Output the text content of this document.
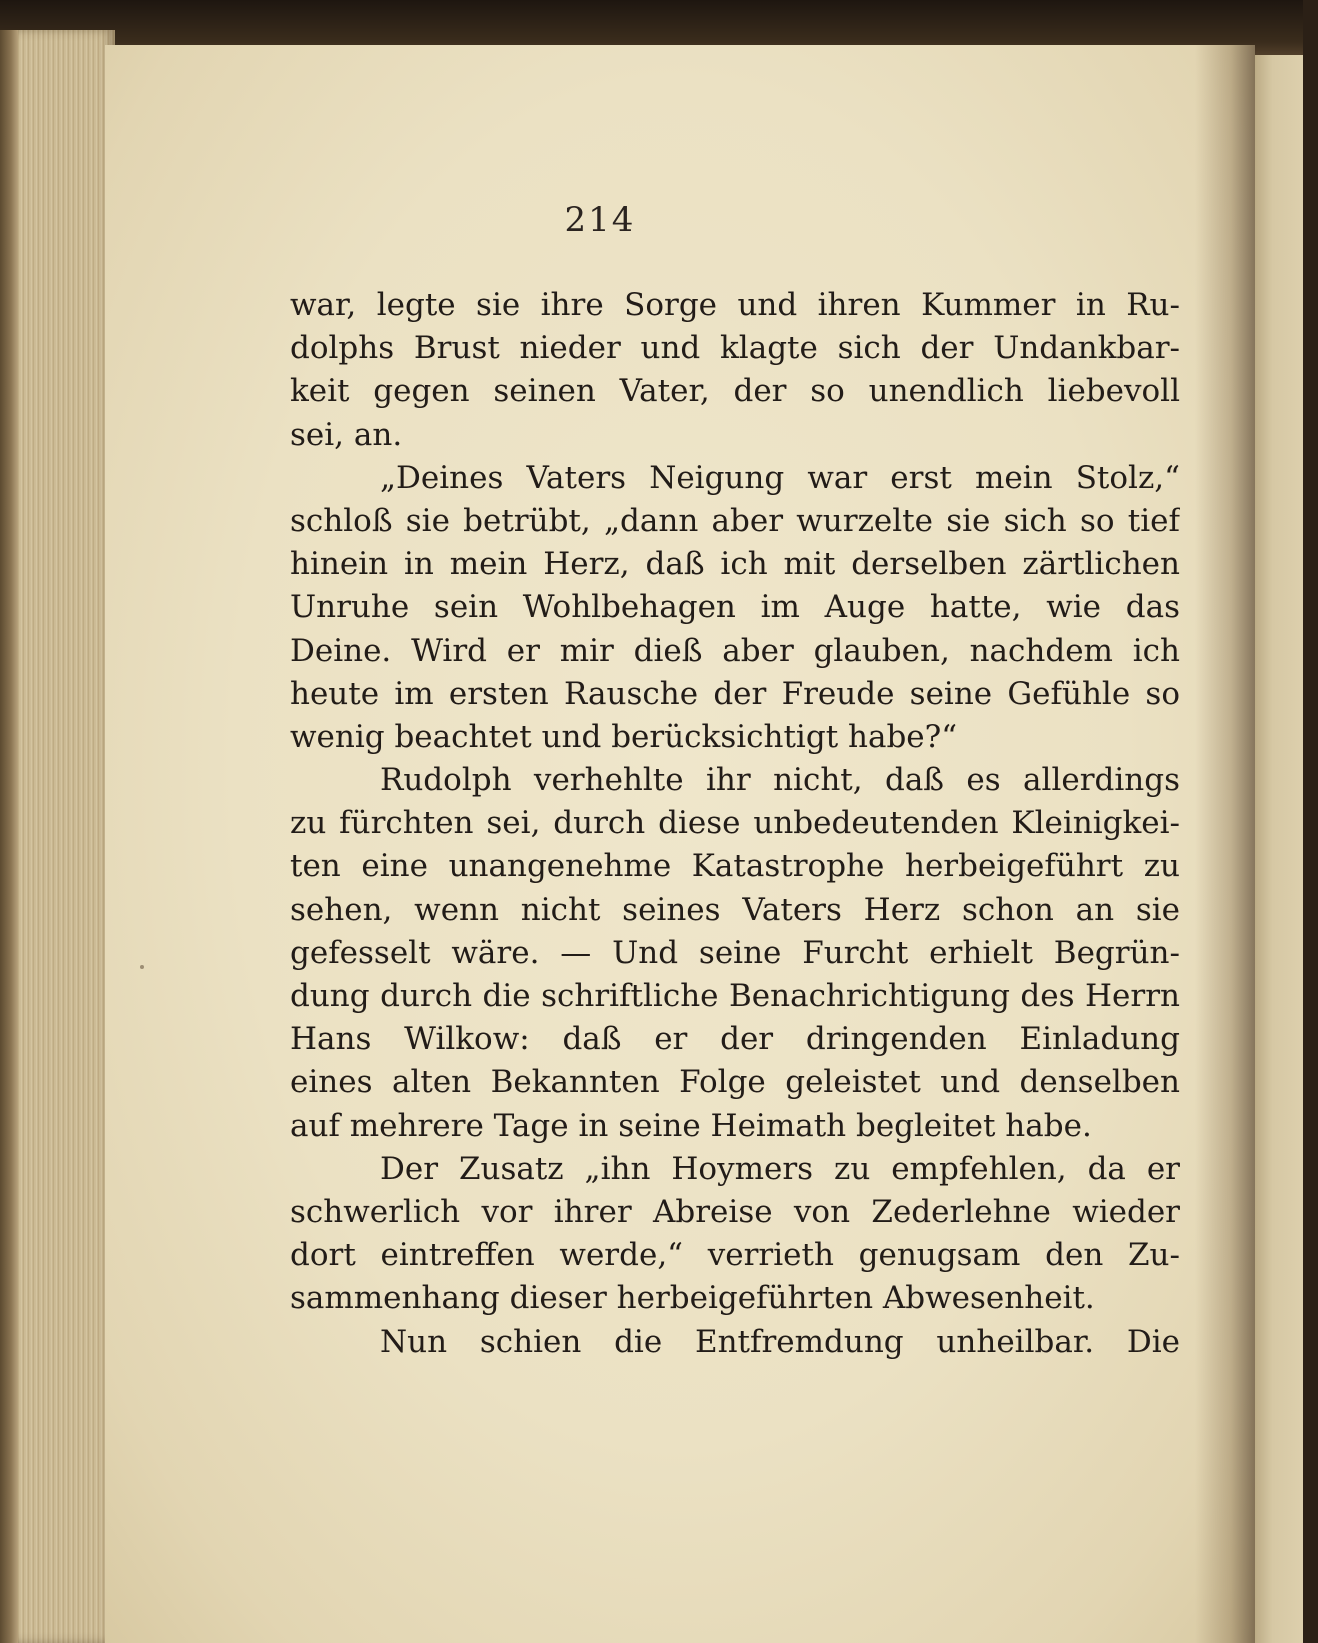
214
war, legte sie ihre Sorge und ihren Kummer in Ru-
dolphs Brust nieder und klagte sich der Undankbar-
keit gegen seinen Vater, der so unendlich liebevoll
sei, an.
„Deines Vaters Neigung war erst mein Stolz,“
schloß sie betrübt, „dann aber wurzelte sie sich so tief
hinein in mein Herz, daß ich mit derselben zärtlichen
Unruhe sein Wohlbehagen im Auge hatte, wie das
Deine. Wird er mir dieß aber glauben, nachdem ich
heute im ersten Rausche der Freude seine Gefühle so
wenig beachtet und berücksichtigt habe?“
Rudolph verhehlte ihr nicht, daß es allerdings
zu fürchten sei, durch diese unbedeutenden Kleinigkei-
ten eine unangenehme Katastrophe herbeigeführt zu
sehen, wenn nicht seines Vaters Herz schon an sie
gefesselt wäre. — Und seine Furcht erhielt Begrün-
dung durch die schriftliche Benachrichtigung des Herrn
Hans Wilkow: daß er der dringenden Einladung
eines alten Bekannten Folge geleistet und denselben
auf mehrere Tage in seine Heimath begleitet habe.
Der Zusatz „ihn Hoymers zu empfehlen, da er
schwerlich vor ihrer Abreise von Zederlehne wieder
dort eintreffen werde,“ verrieth genugsam den Zu-
sammenhang dieser herbeigeführten Abwesenheit.
Nun schien die Entfremdung unheilbar. Die
